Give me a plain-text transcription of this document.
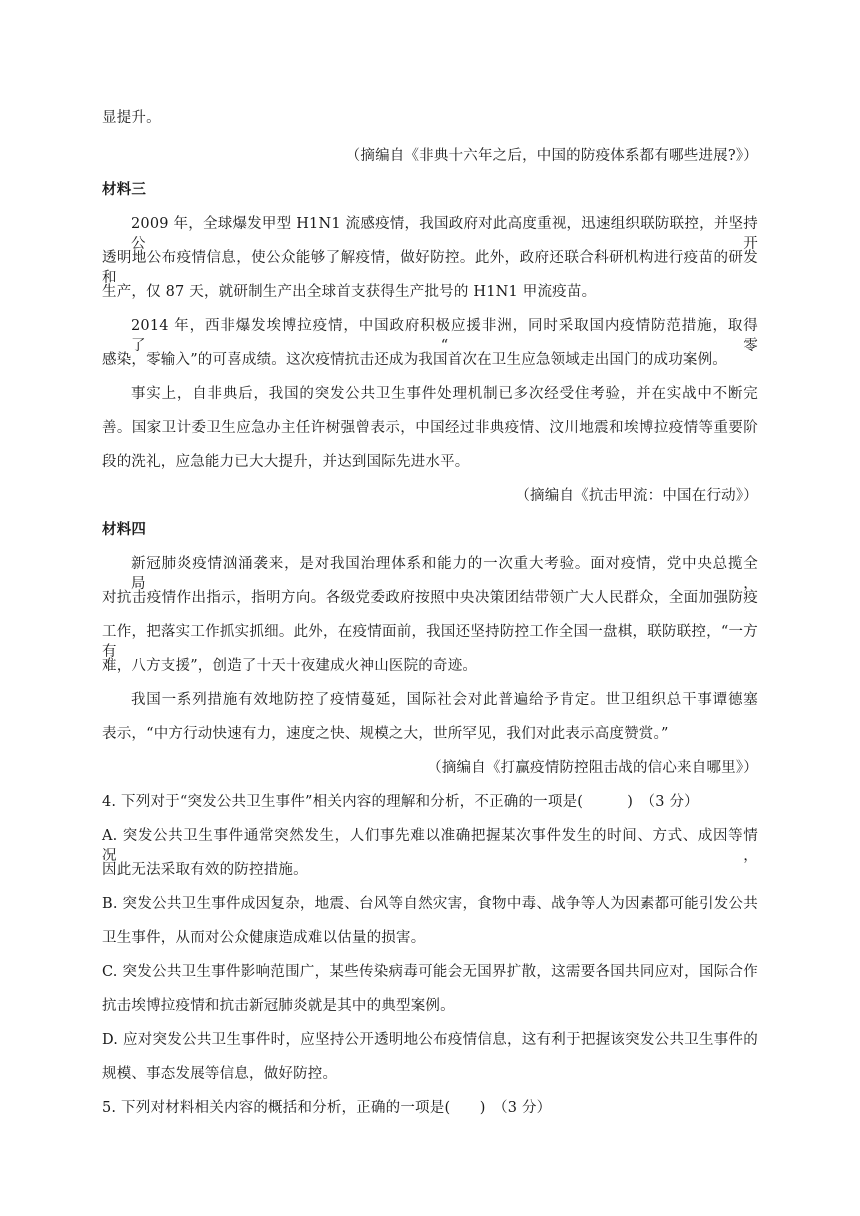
显提升。
（摘编自《非典十六年之后，中国的防疫体系都有哪些进展?》）
材料三
2009 年，全球爆发甲型 H1N1 流感疫情，我国政府对此高度重视，迅速组织联防联控，并坚持公开
透明地公布疫情信息，使公众能够了解疫情，做好防控。此外，政府还联合科研机构进行疫苗的研发和
生产，仅 87 天，就研制生产出全球首支获得生产批号的 H1N1 甲流疫苗。
2014 年，西非爆发埃博拉疫情，中国政府积极应援非洲，同时采取国内疫情防范措施，取得了“零
感染，零输入”的可喜成绩。这次疫情抗击还成为我国首次在卫生应急领域走出国门的成功案例。
事实上，自非典后，我国的突发公共卫生事件处理机制已多次经受住考验，并在实战中不断完
善。国家卫计委卫生应急办主任许树强曾表示，中国经过非典疫情、汶川地震和埃博拉疫情等重要阶
段的洗礼，应急能力已大大提升，并达到国际先进水平。
（摘编自《抗击甲流：中国在行动》）
材料四
新冠肺炎疫情汹涌袭来，是对我国治理体系和能力的一次重大考验。面对疫情，党中央总揽全局，
对抗击疫情作出指示，指明方向。各级党委政府按照中央决策团结带领广大人民群众，全面加强防疫
工作，把落实工作抓实抓细。此外，在疫情面前，我国还坚持防控工作全国一盘棋，联防联控，“一方有
难，八方支援”，创造了十天十夜建成火神山医院的奇迹。
我国一系列措施有效地防控了疫情蔓延，国际社会对此普遍给予肯定。世卫组织总干事谭德塞
表示，“中方行动快速有力，速度之快、规模之大，世所罕见，我们对此表示高度赞赏。”
（摘编自《打赢疫情防控阻击战的信心来自哪里》）
4. 下列对于“突发公共卫生事件”相关内容的理解和分析，不正确的一项是(　　　)　（3 分）
A. 突发公共卫生事件通常突然发生，人们事先难以准确把握某次事件发生的时间、方式、成因等情况，
因此无法采取有效的防控措施。
B. 突发公共卫生事件成因复杂，地震、台风等自然灾害，食物中毒、战争等人为因素都可能引发公共
卫生事件，从而对公众健康造成难以估量的损害。
C. 突发公共卫生事件影响范围广，某些传染病毒可能会无国界扩散，这需要各国共同应对，国际合作
抗击埃博拉疫情和抗击新冠肺炎就是其中的典型案例。
D. 应对突发公共卫生事件时，应坚持公开透明地公布疫情信息，这有利于把握该突发公共卫生事件的
规模、事态发展等信息，做好防控。
5. 下列对材料相关内容的概括和分析，正确的一项是(　　)　（3 分）
